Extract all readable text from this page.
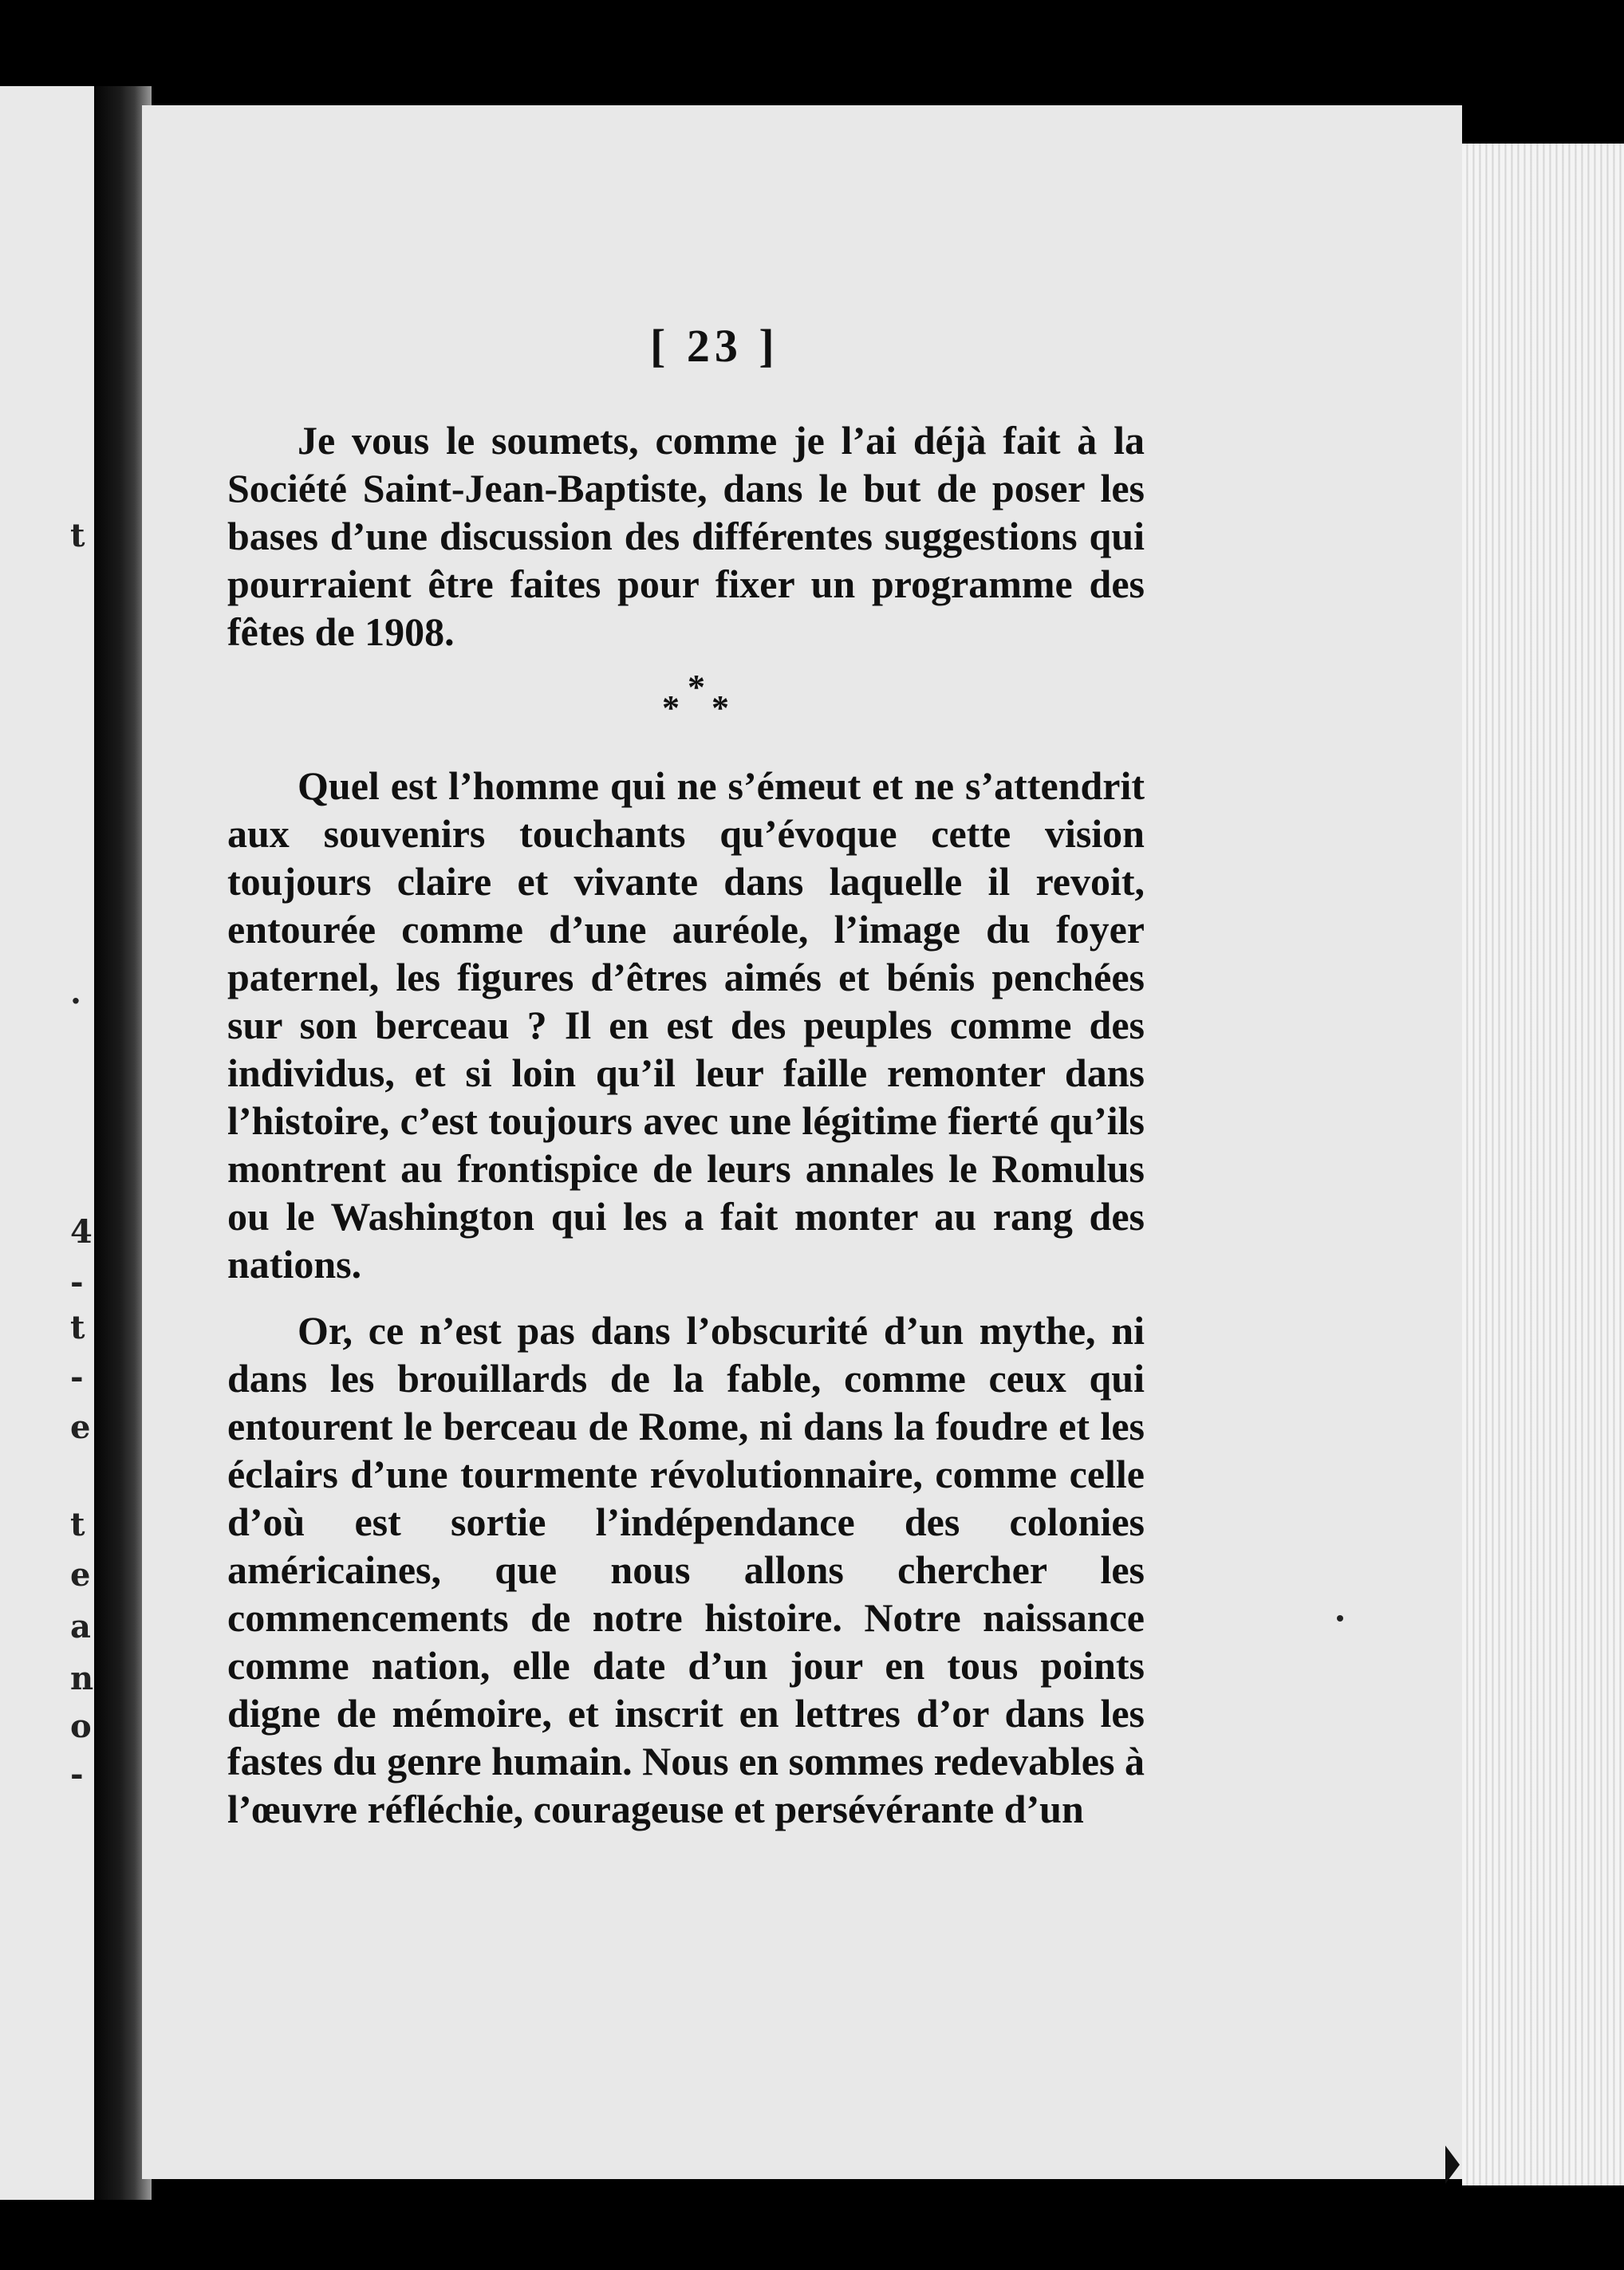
t
.
4
-
t
-
e
t
e
a
n
o
-
[ 23 ]

Je vous le soumets, comme je l’ai déjà fait à la Société Saint-Jean-Baptiste, dans le but de poser les bases d’une discussion des différentes suggestions qui pourraient être faites pour fixer un programme des fêtes de 1908.

*
* *

Quel est l’homme qui ne s’émeut et ne s’attendrit aux souvenirs touchants qu’évoque cette vision toujours claire et vivante dans laquelle il revoit, entourée comme d’une auréole, l’image du foyer paternel, les figures d’êtres aimés et bénis penchées sur son berceau ? Il en est des peuples comme des individus, et si loin qu’il leur faille remonter dans l’histoire, c’est toujours avec une légitime fierté qu’ils montrent au frontispice de leurs annales le Romulus ou le Washington qui les a fait monter au rang des nations.

Or, ce n’est pas dans l’obscurité d’un mythe, ni dans les brouillards de la fable, comme ceux qui entourent le berceau de Rome, ni dans la foudre et les éclairs d’une tourmente révolutionnaire, comme celle d’où est sortie l’indépendance des colonies américaines, que nous allons chercher les commencements de notre histoire. Notre naissance comme nation, elle date d’un jour en tous points digne de mémoire, et inscrit en lettres d’or dans les fastes du genre humain. Nous en sommes redevables à l’œuvre réfléchie, courageuse et persévérante d’un
